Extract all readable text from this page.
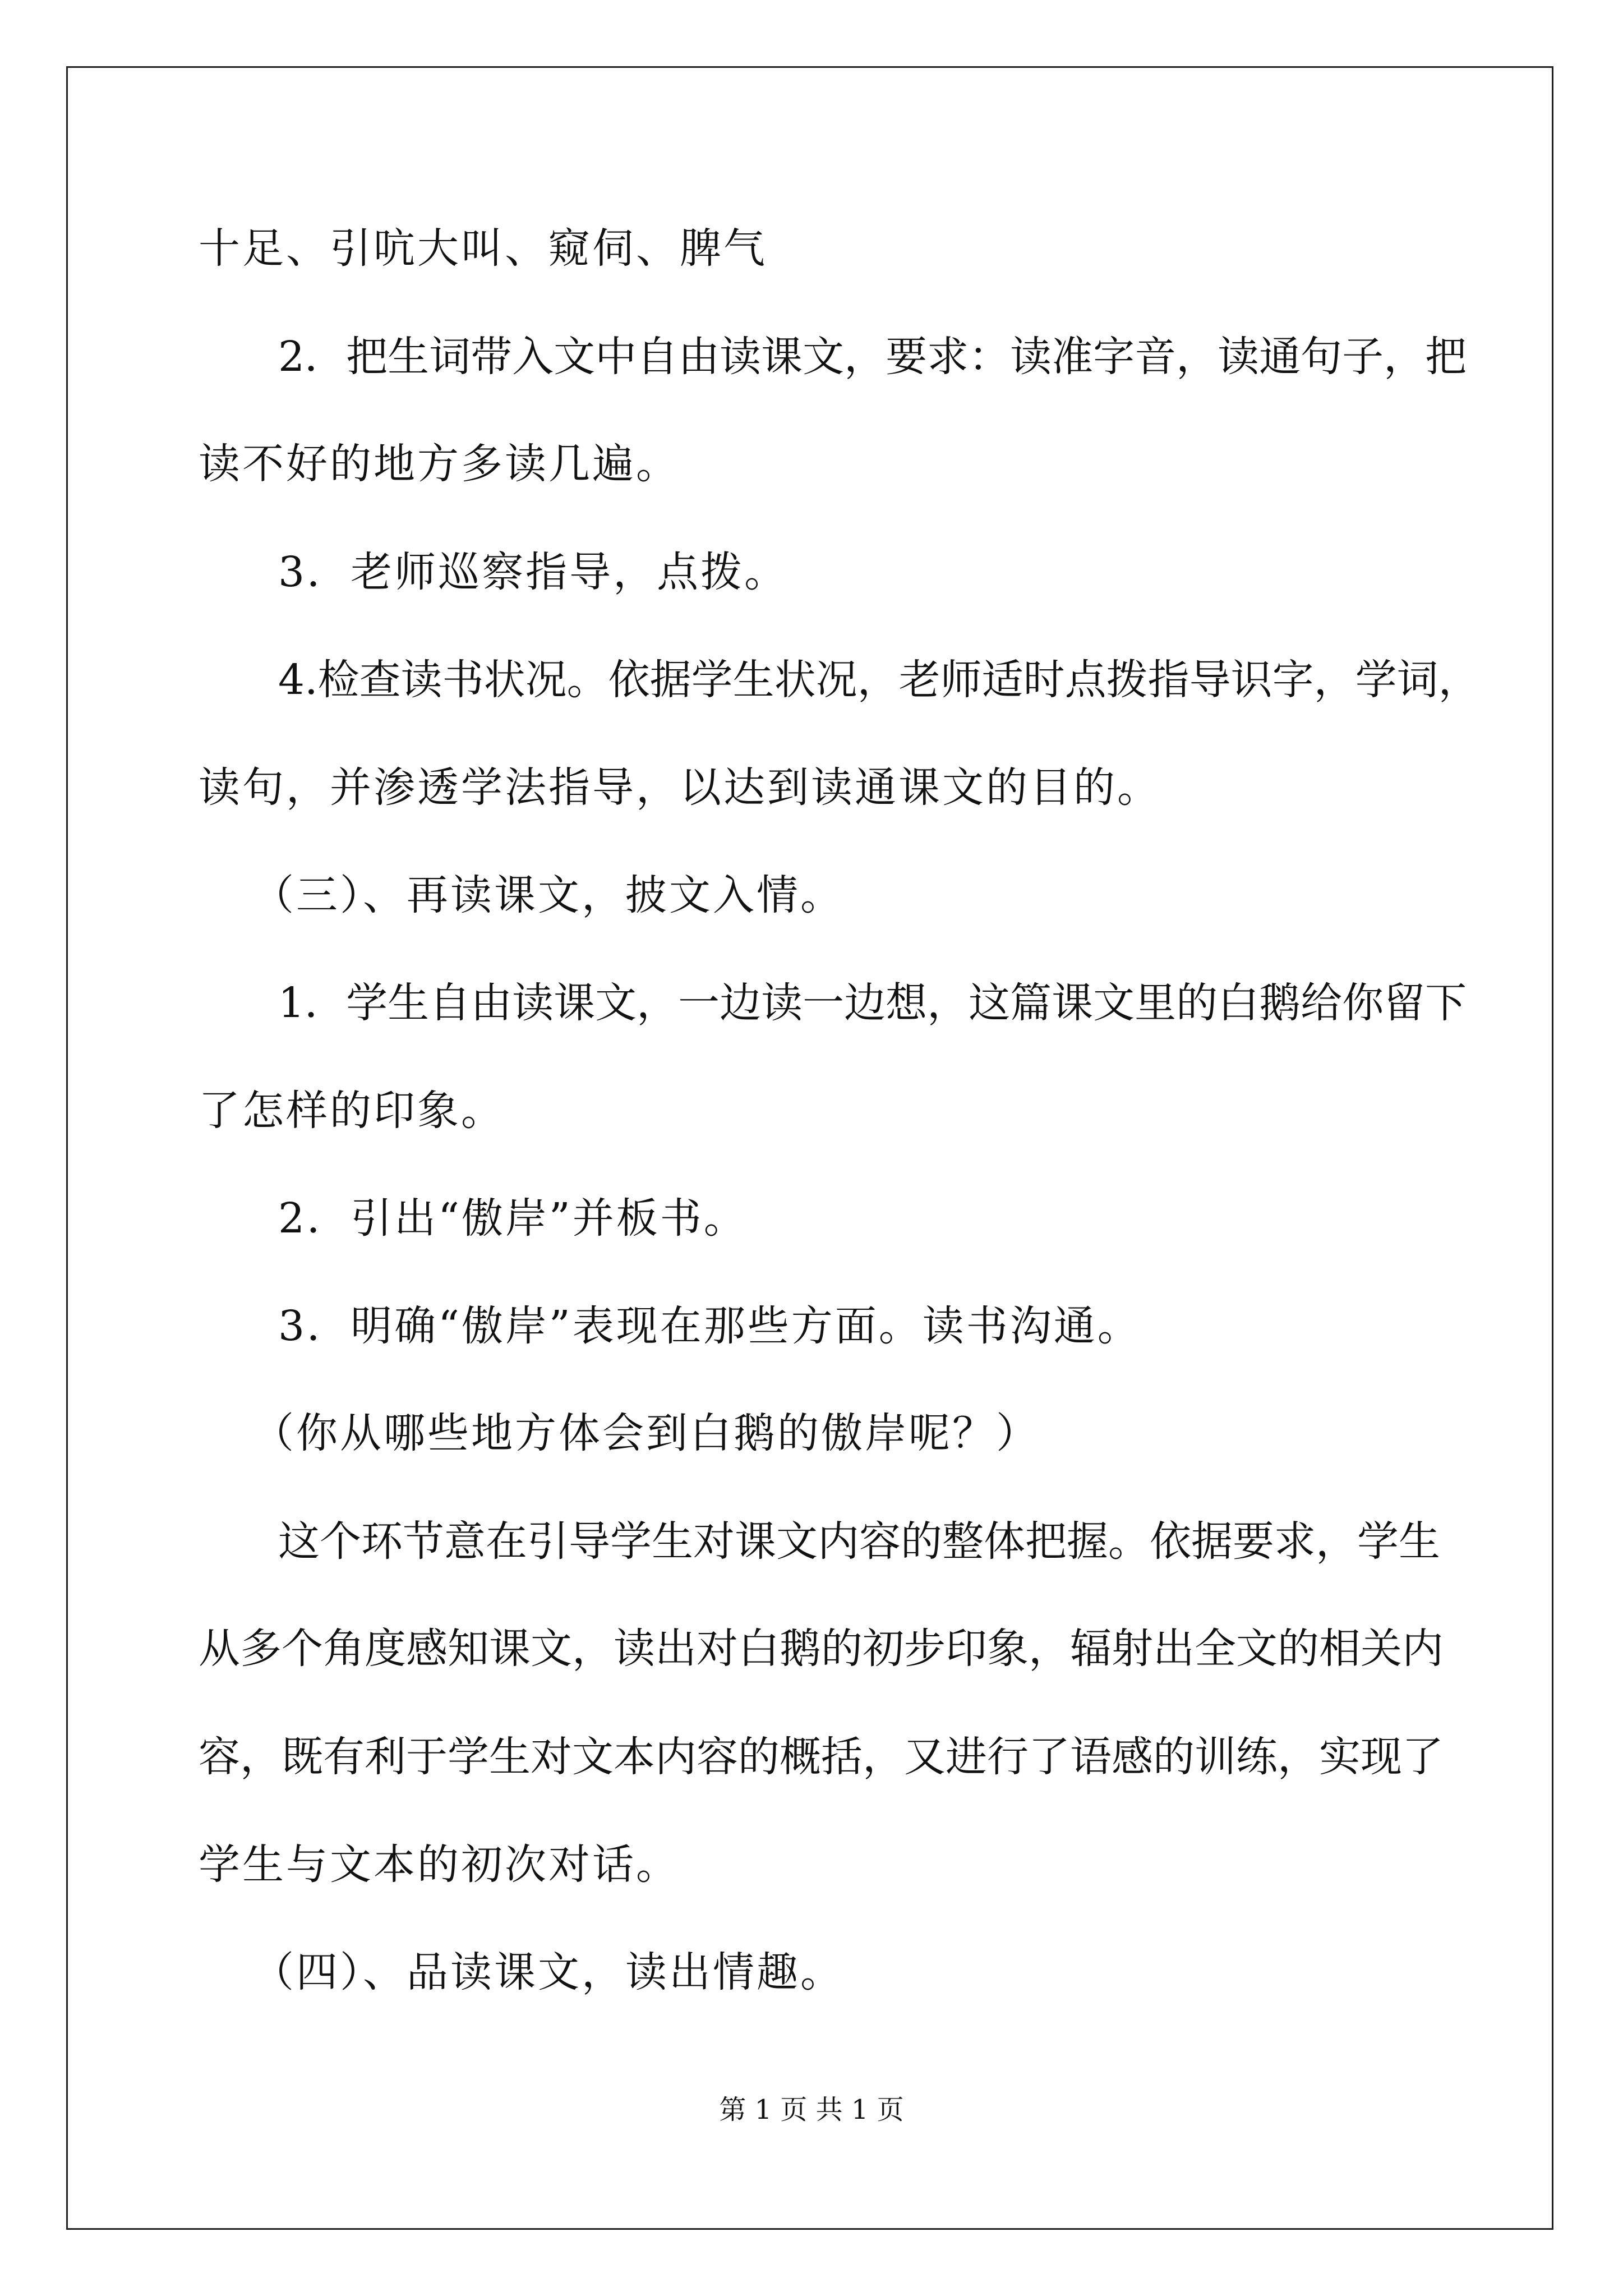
十足、引吭大叫、窥伺、脾气
2 ． 把 生 词 带 入 文 中 自 由 读 课 文 ， 要 求 ： 读 准 字 音 ， 读 通 句 子 ， 把
读不好的地方多读几遍。
3．老师巡察指导，点拨。
4 . 检 查 读 书 状 况 。 依 据 学 生 状 况 ， 老 师 适 时 点 拨 指 导 识 字 ， 学 词 ，
读句，并渗透学法指导，以达到读通课文的目的。
（三）、再读课文，披文入情。
1 ． 学 生 自 由 读 课 文 ， 一 边 读 一 边 想 ， 这 篇 课 文 里 的 白 鹅 给 你 留 下
了怎样的印象。
2．引出“傲岸”并板书。
3．明确“傲岸”表现在那些方面。读书沟通。
（你从哪些地方体会到白鹅的傲岸呢？）
这 个 环 节 意 在 引 导 学 生 对 课 文 内 容 的 整 体 把 握 。 依 据 要 求 ， 学 生
从 多 个 角 度 感 知 课 文 ， 读 出 对 白 鹅 的 初 步 印 象 ， 辐 射 出 全 文 的 相 关 内
容 ， 既 有 利 于 学 生 对 文 本 内 容 的 概 括 ， 又 进 行 了 语 感 的 训 练 ， 实 现 了
学生与文本的初次对话。
（四）、品读课文，读出情趣。
第 1 页 共 1 页
